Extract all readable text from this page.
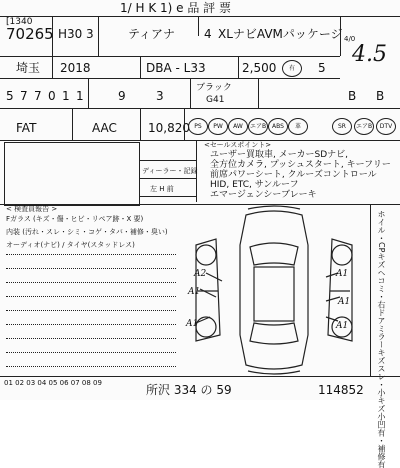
1/ H K 1) e 品 評 票
[1340
70265 H30 3	ティアナ 4 XLナビAVMパッケージ 4/0
4.5
埼玉 2018	DBA - L33	2,500	有	5
5 7 7 0 1 1	9	3
ブラック
G41	B B
FAT	AAC	10,820 PS	PW	AW	エアB ABS	革	SR	エアB	DTV
ディーラー・記録
左 H 前
<セールスポイント>
ユーザー買取車, メーカーSDナビ,
全方位カメラ, プッシュスタート, キーフリー
前席パワーシート, クルーズコントロール
HID, ETC, サンルーフ
エマージェンシーブレーキ
< 検査員報告 >
Fガラス (キズ・傷・ヒビ・リペア跡・X 要)
内装 (汚れ・スレ・シミ・コゲ・タバ・補修・臭い)
オーディオ(ナビ) / タイヤ(スタッドレス)
A2
A1
A1
A1
A1
A1	ホイル・CPキズヘコミ・右ドアミラーキズスレ・小キズ小凹有・補修有
01 02 03 04 05 06 07 08 09	所沢 334 の 59	114852
